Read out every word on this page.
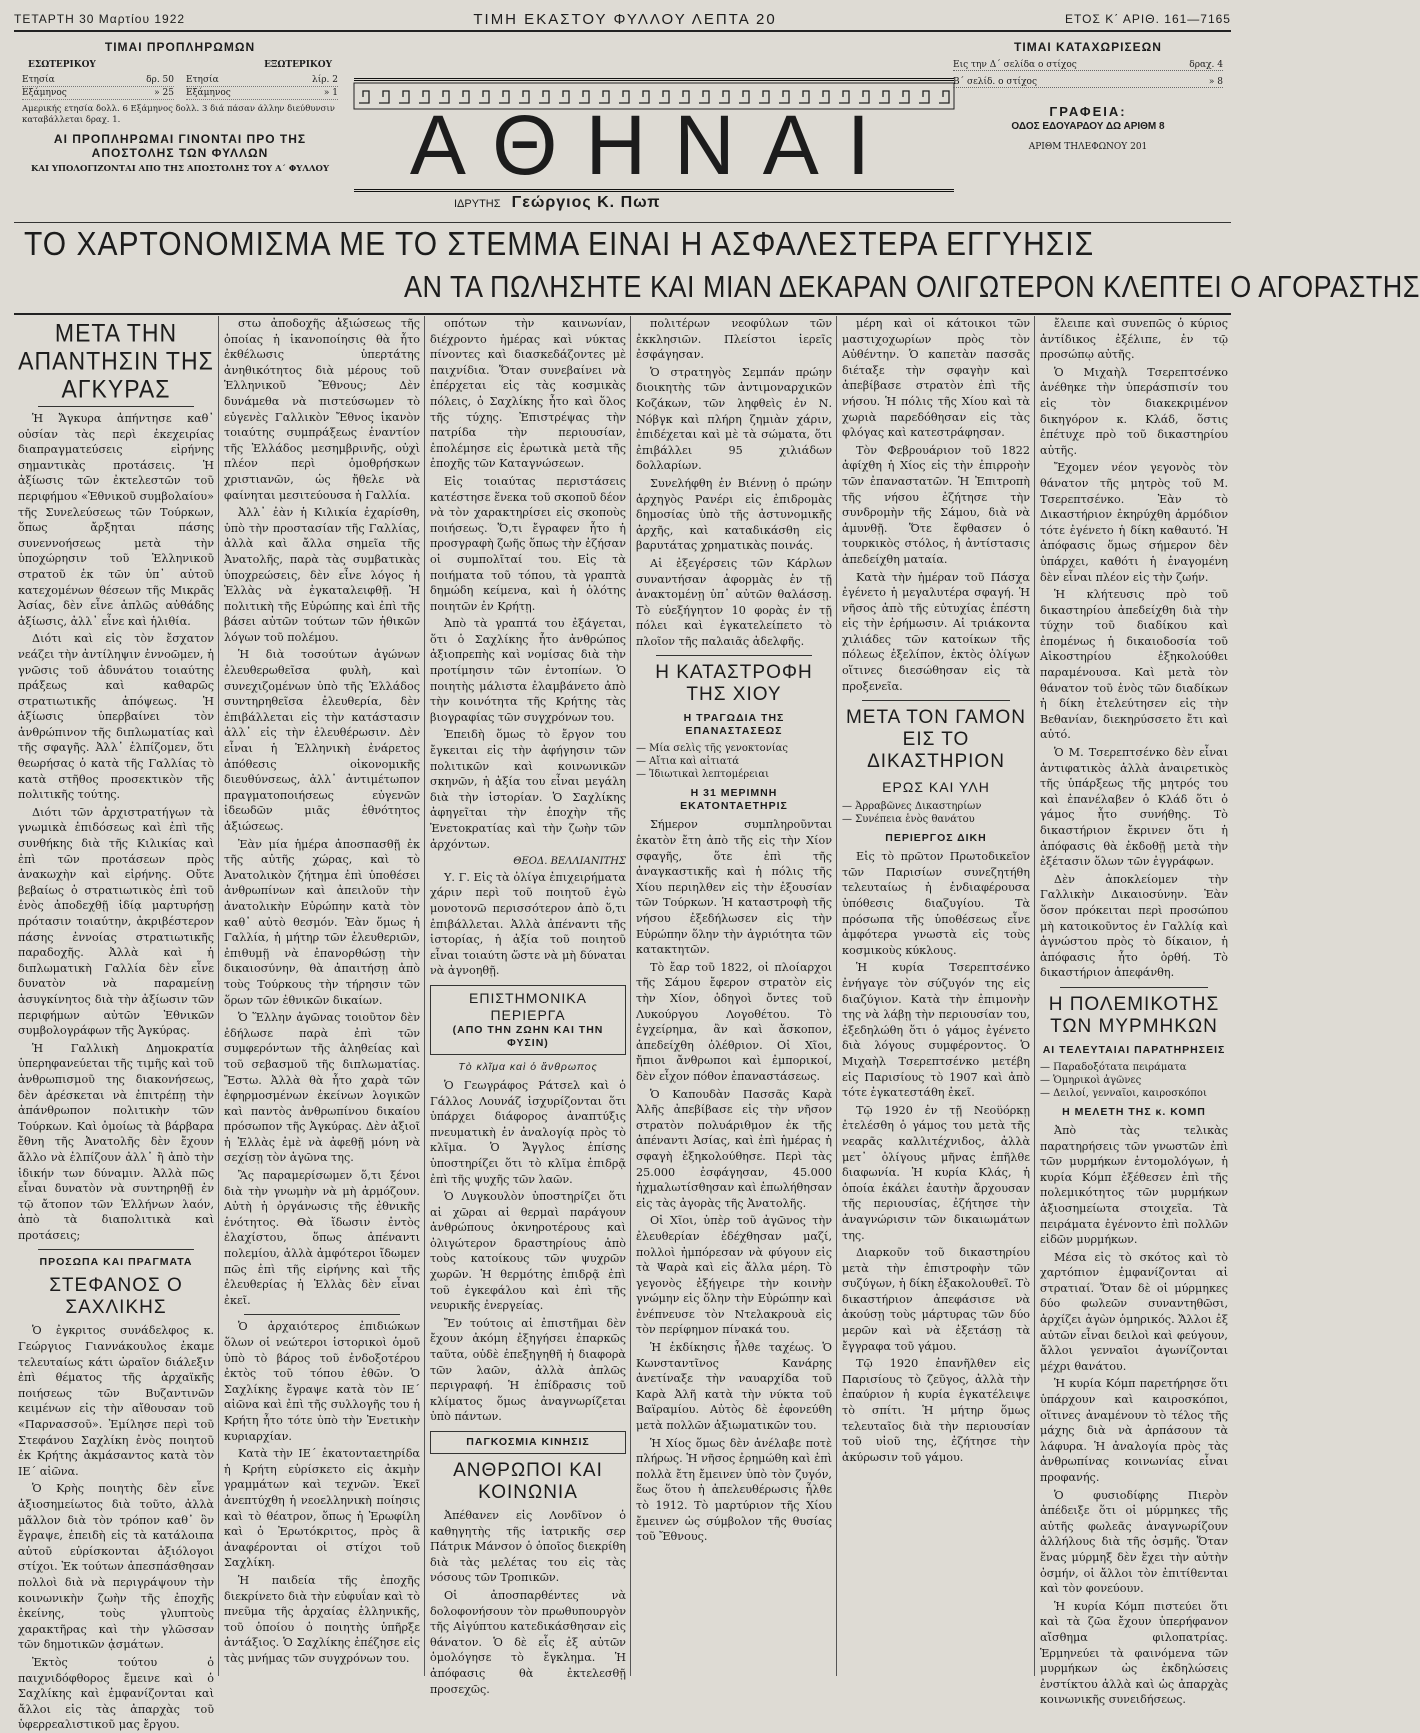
ΤΕΤΑΡΤΗ 30 Μαρτίου 1922	ΤΙΜΗ ΕΚΑΣΤΟΥ ΦΥΛΛΟΥ ΛΕΠΤΑ 20	ΕΤΟΣ Κ΄ ΑΡΙΘ. 161—7165
ΤΙΜΑΙ ΠΡΟΠΛΗΡΩΜΩΝ
ΕΣΩΤΕΡΙΚΟΥ	ΕΞΩΤΕΡΙΚΟΥ
Ετησία	δρ. 50
Εξάμηνος	» 25
Ετησία	λίρ. 2
Εξάμηνος	» 1
Αμερικής ετησία δολλ. 6 Εξάμηνος δολλ. 3 διά πάσαν άλλην διεύθυνσιν καταβάλλεται δραχ. 1.
ΑΙ ΠΡΟΠΛΗΡΩΜΑΙ ΓΙΝΟΝΤΑΙ ΠΡΟ ΤΗΣ ΑΠΟΣΤΟΛΗΣ ΤΩΝ ΦΥΛΛΩΝ
ΚΑΙ ΥΠΟΛΟΓΙΖΟΝΤΑΙ ΑΠΟ ΤΗΣ ΑΠΟΣΤΟΛΗΣ ΤΟΥ Α΄ ΦΥΛΛΟΥ ΑΘΗΝΑΙ
ΙΔΡΥΤΗΣ Γεώργιος Κ. Πωπ
ΤΙΜΑΙ ΚΑΤΑΧΩΡΙΣΕΩΝ
Εις την Δ΄ σελίδα ο στίχος	δραχ. 4
Β΄ σελίδ. ο στίχος	» 8
ΓΡΑΦΕΙΑ:
ΟΔΟΣ ΕΔΟΥΑΡΔΟΥ ΔΩ ΑΡΙΘΜ 8
ΑΡΙΘΜ ΤΗΛΕΦΩΝΟΥ 201
ΤΟ ΧΑΡΤΟΝΟΜΙΣΜΑ ΜΕ ΤΟ ΣΤΕΜΜΑ ΕΙΝΑΙ Η ΑΣΦΑΛΕΣΤΕΡΑ ΕΓΓΥΗΣΙΣ
ΑΝ ΤΑ ΠΩΛΗΣΗΤΕ ΚΑΙ ΜΙΑΝ ΔΕΚΑΡΑΝ ΟΛΙΓΩΤΕΡΟΝ ΚΛΕΠΤΕΙ Ο ΑΓΟΡΑΣΤΗΣ
ΜΕΤΑ ΤΗΝ ΑΠΑΝΤΗΣΙΝ ΤΗΣ ΑΓΚΥΡΑΣ

Ἡ Ἄγκυρα ἀπήντησε καθ᾽ οὐσίαν τὰς περὶ ἐκεχειρίας διαπραγματεύσεις εἰρήνης σημαντικὰς προτάσεις. Ἡ ἀξίωσις τῶν ἐκτελεστῶν τοῦ περιφήμου «Ἐθνικοῦ συμβολαίου» τῆς Συνελεύσεως τῶν Τούρκων, ὅπως ἄρξηται πάσης συνεννοήσεως μετὰ τὴν ὑποχώρησιν τοῦ Ἑλληνικοῦ στρατοῦ ἐκ τῶν ὑπ᾽ αὐτοῦ κατεχομένων θέσεων τῆς Μικρᾶς Ἀσίας, δὲν εἶνε ἁπλῶς αὐθάδης ἀξίωσις, ἀλλ᾽ εἶνε καὶ ἠλιθία.

Διότι καὶ εἰς τὸν ἔσχατον νεάζει τὴν ἀντίληψιν ἐννοῶμεν, ἡ γνῶσις τοῦ ἀδυνάτου τοιαύτης πράξεως καὶ καθαρῶς στρατιωτικῆς ἀπόψεως. Ἡ ἀξίωσις ὑπερβαίνει τὸν ἀνθρώπινον τῆς διπλωματίας καὶ τῆς σφαγῆς. Ἀλλ᾽ ἐλπίζομεν, ὅτι θεωρήσας ὁ κατὰ τῆς Γαλλίας τὸ κατὰ στῆθος προσεκτικὸν τῆς πολιτικῆς τούτης.

Διότι τῶν ἀρχιστρατήγων τὰ γνωμικὰ ἐπιδόσεως καὶ ἐπὶ τῆς συνθήκης διὰ τῆς Κιλικίας καὶ ἐπὶ τῶν προτάσεων πρὸς ἀνακωχὴν καὶ εἰρήνης. Οὔτε βεβαίως ὁ στρατιωτικὸς ἐπὶ τοῦ ἑνὸς ἀποδεχθῇ ἰδίᾳ μαρτυρήσῃ πρότασιν τοιαύτην, ἀκριβέστερον πάσης ἐννοίας στρατιωτικῆς παραδοχῆς. Ἀλλὰ καὶ ἡ διπλωματικὴ Γαλλία δὲν εἶνε δυνατὸν νὰ παραμείνῃ ἀσυγκίνητος διὰ τὴν ἀξίωσιν τῶν περιφήμων αὐτῶν Ἐθνικῶν συμβολογράφων τῆς Ἀγκύρας.

Ἡ Γαλλικὴ Δημοκρατία ὑπερηφανεύεται τῆς τιμῆς καὶ τοῦ ἀνθρωπισμοῦ της διακονήσεως, δὲν ἀρέσκεται νὰ ἐπιτρέπῃ τὴν ἀπάνθρωπον πολιτικὴν τῶν Τούρκων. Καὶ ὁμοίως τὰ βάρβαρα ἔθνη τῆς Ἀνατολῆς δὲν ἔχουν ἄλλο νὰ ἐλπίζουν ἀλλ᾽ ἢ ἀπὸ τὴν ἰδικήν των δύναμιν. Ἀλλὰ πῶς εἶναι δυνατὸν νὰ συντηρηθῇ ἐν τῷ ἄτοπον τῶν Ἑλλήνων λαόν, ἀπὸ τὰ διαπολιτικὰ καὶ προτάσεις;

ΠΡΟΣΩΠΑ ΚΑΙ ΠΡΑΓΜΑΤΑ
ΣΤΕΦΑΝΟΣ Ο ΣΑΧΛΙΚΗΣ

Ὁ ἐγκριτος συνάδελφος κ. Γεώργιος Γιαννάκουλος ἐκαμε τελευταίως κάτι ὡραῖον διάλεξιν ἐπὶ θέματος τῆς ἀρχαϊκῆς ποιήσεως τῶν Βυζαντινῶν κειμένων εἰς τὴν αἴθουσαν τοῦ «Παρνασσοῦ». Ἐμίλησε περὶ τοῦ Στεφάνου Σαχλίκη ἐνὸς ποιητοῦ ἐκ Κρήτης ἀκμάσαντος κατὰ τὸν ΙΕ΄ αἰῶνα.

Ὁ Κρὴς ποιητὴς δὲν εἶνε ἀξιοσημείωτος διὰ τοῦτο, ἀλλὰ μᾶλλον διὰ τὸν τρόπον καθ᾽ ὃν ἔγραψε, ἐπειδὴ εἰς τὰ κατάλοιπα αὐτοῦ εὑρίσκονται ἀξιόλογοι στίχοι. Ἐκ τούτων ἀπεσπάσθησαν πολλοὶ διὰ νὰ περιγράψουν τὴν κοινωνικὴν ζωὴν τῆς ἐποχῆς ἐκείνης, τοὺς γλυπτοὺς χαρακτῆρας καὶ τὴν γλῶσσαν τῶν δημοτικῶν ᾀσμάτων.

Ἐκτὸς τούτου ὁ παιχνιδόφθορος ἔμεινε καὶ ὁ Σαχλίκης καὶ ἐμφανίζονται καὶ ἄλλοι εἰς τὰς ἀπαρχὰς τοῦ ὑφερρεαλιστικοῦ μας ἔργου.

στω ἀποδοχῆς ἀξιώσεως τῆς ὁποίας ἡ ἱκανοποίησις θὰ ἦτο ἐκθέλωσις ὑπερτάτης ἀνηθικότητος διὰ μέρους τοῦ Ἑλληνικοῦ Ἔθνους; Δὲν δυνάμεθα νὰ πιστεύσωμεν τὸ εὐγενὲς Γαλλικὸν Ἔθνος ἱκανὸν τοιαύτης συμπράξεως ἐναντίον τῆς Ἑλλάδος μεσημβρινῆς, οὐχὶ πλέον περὶ ὁμοθρήσκων χριστιανῶν, ὡς ἤθελε νὰ φαίνηται μεσιτεύουσα ἡ Γαλλία.

Ἀλλ᾽ ἐὰν ἡ Κιλικία ἐχαρίσθη, ὑπὸ τὴν προστασίαν τῆς Γαλλίας, ἀλλὰ καὶ ἄλλα σημεῖα τῆς Ἀνατολῆς, παρὰ τὰς συμβατικὰς ὑποχρεώσεις, δὲν εἶνε λόγος ἡ Ἑλλὰς νὰ ἐγκαταλειφθῇ. Ἡ πολιτικὴ τῆς Εὐρώπης καὶ ἐπὶ τῆς βάσει αὐτῶν τούτων τῶν ἠθικῶν λόγων τοῦ πολέμου.

Ἡ διὰ τοσούτων ἀγώνων ἐλευθερωθεῖσα φυλὴ, καὶ συνεχιζομένων ὑπὸ τῆς Ἑλλάδος συντηρηθεῖσα ἐλευθερία, δὲν ἐπιβάλλεται εἰς τὴν κατάστασιν ἀλλ᾽ εἰς τὴν ἐλευθέρωσιν. Δὲν εἶναι ἡ Ἑλληνικὴ ἐνάρετος ἀπόθεσις οἰκονομικῆς διευθύνσεως, ἀλλ᾽ ἀντιμέτωπον πραγματοποιήσεως εὐγενῶν ἰδεωδῶν μιᾶς ἐθνότητος ἀξιώσεως.

Ἐὰν μία ἡμέρα ἀποσπασθῇ ἐκ τῆς αὐτῆς χώρας, καὶ τὸ Ἀνατολικὸν ζήτημα ἐπὶ ὑποθέσει ἀνθρωπίνων καὶ ἀπειλοῦν τὴν ἀνατολικὴν Εὐρώπην κατὰ τὸν καθ᾽ αὐτὸ θεσμόν. Ἐὰν ὅμως ἡ Γαλλία, ἡ μήτηρ τῶν ἐλευθεριῶν, ἐπιθυμῇ νὰ ἐπανορθώσῃ τὴν δικαιοσύνην, θὰ ἀπαιτήσῃ ἀπὸ τοὺς Τούρκους τὴν τήρησιν τῶν ὅρων τῶν ἐθνικῶν δικαίων.

Ὁ Ἕλλην ἀγῶνας τοιοῦτον δὲν ἐδήλωσε παρὰ ἐπὶ τῶν συμφερόντων τῆς ἀληθείας καὶ τοῦ σεβασμοῦ τῆς διπλωματίας. Ἔστω. Ἀλλὰ θὰ ἦτο χαρὰ τῶν ἐφηρμοσμένων ἐκείνων λογικῶν καὶ παντὸς ἀνθρωπίνου δικαίου πρόσωπον τῆς Ἀγκύρας. Δὲν ἀξιοῖ ἡ Ἑλλὰς ἐμὲ νὰ ἀφεθῇ μόνη νὰ σεχίσῃ τὸν ἀγῶνα της.

Ἂς παραμερίσωμεν ὅ,τι ξένοι διὰ τὴν γνωμὴν νὰ μὴ ἀρμόζουν. Αὐτὴ ἡ ὀργάνωσις τῆς ἐθνικῆς ἑνότητος. Θὰ ἴδωσιν ἐντὸς ἐλαχίστου, ὅπως ἀπέναντι πολεμίου, ἀλλὰ ἀμφότεροι ἴδωμεν πῶς ἐπὶ τῆς εἰρήνης καὶ τῆς ἐλευθερίας ἡ Ἑλλὰς δὲν εἶναι ἐκεῖ.

Ὁ ἀρχαιότερος ἐπιδιώκων ὅλων οἱ νεώτεροι ἱστορικοὶ ὁμοῦ ὑπὸ τὸ βάρος τοῦ ἐνδοξοτέρου ἐκτὸς τοῦ τόπου ἐθῶν. Ὁ Σαχλίκης ἔγραψε κατὰ τὸν ΙΕ΄ αἰῶνα καὶ ἐπὶ τῆς συλλογῆς του ἡ Κρήτη ἦτο τότε ὑπὸ τὴν Ἑνετικὴν κυριαρχίαν.

Κατὰ τὴν ΙΕ΄ ἑκατονταετηρίδα ἡ Κρήτη εὑρίσκετο εἰς ἀκμὴν γραμμάτων καὶ τεχνῶν. Ἐκεῖ ἀνεπτύχθη ἡ νεοελληνικὴ ποίησις καὶ τὸ θέατρον, ὅπως ἡ Ἐρωφίλη καὶ ὁ Ἐρωτόκριτος, πρὸς ἃ ἀναφέρονται οἱ στίχοι τοῦ Σαχλίκη.

Ἡ παιδεία τῆς ἐποχῆς διεκρίνετο διὰ τὴν εὐφυΐαν καὶ τὸ πνεῦμα τῆς ἀρχαίας ἑλληνικῆς, τοῦ ὁποίου ὁ ποιητὴς ὑπῆρξε ἀντάξιος. Ὁ Σαχλίκης ἐπέζησε εἰς τὰς μνήμας τῶν συγχρόνων του.

οπότων τὴν καινωνίαν, διέχροντο ἡμέρας καὶ νύκτας πίνοντες καὶ διασκεδάζοντες μὲ παιχνίδια. Ὅταν συνεβαίνει νὰ ἐπέρχεται εἰς τὰς κοσμικὰς πόλεις, ὁ Σαχλίκης ἦτο καὶ ὅλος τῆς τύχης. Ἐπιστρέψας τὴν πατρίδα τὴν περιουσίαν, ἐπολέμησε εἰς ἐρωτικὰ μετὰ τῆς ἐποχῆς τῶν Καταγνώσεων.

Εἰς τοιαύτας περιστάσεις κατέστησε ἕνεκα τοῦ σκοποῦ δέον νὰ τὸν χαρακτηρίσει εἰς σκοποὺς ποιήσεως. Ὅ,τι ἔγραφεν ἦτο ἡ προσγραφὴ ζωῆς ὅπως τὴν ἐζήσαν οἱ συμπολῖταί του. Εἰς τὰ ποιήματα τοῦ τόπου, τὰ γραπτὰ δημώδη κείμενα, καὶ ἡ ὁλότης ποιητῶν ἐν Κρήτῃ.

Ἀπὸ τὰ γραπτά του ἐξάγεται, ὅτι ὁ Σαχλίκης ἦτο ἀνθρώπος ἀξιοπρεπὴς καὶ νομίσας διὰ τὴν προτίμησιν τῶν ἐντοπίων. Ὁ ποιητὴς μάλιστα ἐλαμβάνετο ἀπὸ τὴν κοινότητα τῆς Κρήτης τὰς βιογραφίας τῶν συγχρόνων του.

Ἐπειδὴ ὅμως τὸ ἔργον του ἔγκειται εἰς τὴν ἀφήγησιν τῶν πολιτικῶν καὶ κοινωνικῶν σκηνῶν, ἡ ἀξία του εἶναι μεγάλη διὰ τὴν ἱστορίαν. Ὁ Σαχλίκης ἀφηγεῖται τὴν ἐποχὴν τῆς Ἐνετοκρατίας καὶ τὴν ζωὴν τῶν ἀρχόντων.

ΘΕΟΔ. ΒΕΛΛΙΑΝΙΤΗΣ

Υ. Γ. Εἰς τὰ ὀλίγα ἐπιχειρήματα χάριν περὶ τοῦ ποιητοῦ ἐγὼ μονοτονῶ περισσότερον ἀπὸ ὅ,τι ἐπιβάλλεται. Ἀλλὰ ἀπέναντι τῆς ἱστορίας, ἡ ἀξία τοῦ ποιητοῦ εἶναι τοιαύτη ὥστε νὰ μὴ δύναται νὰ ἀγνοηθῇ.

ΕΠΙΣΤΗΜΟΝΙΚΑ ΠΕΡΙΕΡΓΑ
(ΑΠΟ ΤΗΝ ΖΩΗΝ ΚΑΙ ΤΗΝ ΦΥΣΙΝ)
Τὸ κλῖμα καὶ ὁ ἄνθρωπος

Ὁ Γεωγράφος Ράτσελ καὶ ὁ Γάλλος Λουνάζ ἰσχυρίζονται ὅτι ὑπάρχει διάφορος ἀναπτύξις πνευματικὴ ἐν ἀναλογίᾳ πρὸς τὸ κλῖμα. Ὁ Ἄγγλος ἐπίσης ὑποστηρίζει ὅτι τὸ κλῖμα ἐπιδρᾷ ἐπὶ τῆς ψυχῆς τῶν λαῶν.

Ὁ Λυγκουλὸν ὑποστηρίζει ὅτι αἱ χῶραι αἱ θερμαὶ παράγουν ἀνθρώπους ὀκνηροτέρους καὶ ὀλιγώτερον δραστηρίους ἀπὸ τοὺς κατοίκους τῶν ψυχρῶν χωρῶν. Ἡ θερμότης ἐπιδρᾷ ἐπὶ τοῦ ἐγκεφάλου καὶ ἐπὶ τῆς νευρικῆς ἐνεργείας.

Ἔν τούτοις αἱ ἐπιστῆμαι δὲν ἔχουν ἀκόμη ἐξηγήσει ἐπαρκῶς ταῦτα, οὐδὲ ἐπεξηγηθῆ ἡ διαφορὰ τῶν λαῶν, ἀλλὰ ἀπλῶς περιγραφή. Ἡ ἐπίδρασις τοῦ κλίματος ὅμως ἀναγνωρίζεται ὑπὸ πάντων.

ΠΑΓΚΟΣΜΙΑ ΚΙΝΗΣΙΣ
ΑΝΘΡΩΠΟΙ ΚΑΙ ΚΟΙΝΩΝΙΑ

Ἀπέθανεν εἰς Λονδῖνον ὁ καθηγητὴς τῆς ἰατρικῆς σερ Πάτρικ Μάνσον ὁ ὁποῖος διεκρίθη διὰ τὰς μελέτας του εἰς τὰς νόσους τῶν Τροπικῶν.

Οἱ ἀποσπαρθέντες νὰ δολοφονήσουν τὸν πρωθυπουργὸν τῆς Αἰγύπτου κατεδικάσθησαν εἰς θάνατον. Ὁ δὲ εἷς ἐξ αὐτῶν ὁμολόγησε τὸ ἔγκλημα. Ἡ ἀπόφασις θὰ ἐκτελεσθῇ προσεχῶς.

πολιτέρων νεοφύλων τῶν ἐκκλησιῶν. Πλείστοι ἱερεῖς ἐσφάγησαν.

Ὁ στρατηγὸς Σεμπάν πρώην διοικητὴς τῶν ἀντιμοναρχικῶν Κοζάκων, τῶν ληφθεὶς ἐν Ν. Νόβγκ καὶ πλήρη ζημιὰν χάριν, ἐπιδέχεται καὶ μὲ τὰ σώματα, ὅτι ἐπιβάλλει 95 χιλιάδων δολλαρίων.

Συνελήφθη ἐν Βιέννῃ ὁ πρώην ἀρχηγὸς Ρανέρι εἰς ἐπιδρομὰς δημοσίας ὑπὸ τῆς ἀστυνομικῆς ἀρχῆς, καὶ καταδικάσθη εἰς βαρυτάτας χρηματικὰς ποινάς.

Αἱ ἐξεγέρσεις τῶν Κάρλων συναντήσαν ἀφορμὰς ἐν τῇ ἀνακτομένῃ ὑπ᾽ αὐτῶν θαλάσσῃ. Τὸ εὐεξήγητον 10 φορὰς ἐν τῇ πόλει καὶ ἐγκατελείπετο τὸ πλοῖον τῆς παλαιᾶς ἀδελφῆς.

Η ΚΑΤΑΣΤΡΟΦΗ ΤΗΣ ΧΙΟΥ
Η ΤΡΑΓΩΔΙΑ ΤΗΣ ΕΠΑΝΑΣΤΑΣΕΩΣ
— Μία σελὶς τῆς γενοκτονίας
— Αἴτια καὶ αἰτιατά
— Ἰδιωτικαὶ λεπτομέρειαι
Η 31 ΜΕΡΙΜΝΗ ΕΚΑΤΟΝΤΑΕΤΗΡΙΣ

Σήμερον συμπληροῦνται ἑκατὸν ἔτη ἀπὸ τῆς εἰς τὴν Χίον σφαγῆς, ὅτε ἐπὶ τῆς ἀναγκαστικῆς καὶ ἡ πόλις τῆς Χίου περιηλθεν εἰς τὴν ἐξουσίαν τῶν Τούρκων. Ἡ καταστροφὴ τῆς νήσου ἐξεδήλωσεν εἰς τὴν Εὐρώπην ὅλην τὴν ἀγριότητα τῶν κατακτητῶν.

Τὸ ἔαρ τοῦ 1822, οἱ πλοίαρχοι τῆς Σάμου ἔφερον στρατὸν εἰς τὴν Χίον, ὁδηγοὶ ὄντες τοῦ Λυκούργου Λογοθέτου. Τὸ ἐγχείρημα, ἂν καὶ ἄσκοπον, ἀπεδείχθη ὀλέθριον. Οἱ Χῖοι, ἤπιοι ἄνθρωποι καὶ ἐμπορικοί, δὲν εἶχον πόθον ἐπαναστάσεως.

Ὁ Καπουδὰν Πασσᾶς Καρὰ Ἀλῆς ἀπεβίβασε εἰς τὴν νῆσον στρατὸν πολυάριθμον ἐκ τῆς ἀπέναντι Ἀσίας, καὶ ἐπὶ ἡμέρας ἡ σφαγὴ ἐξηκολούθησε. Περὶ τὰς 25.000 ἐσφάγησαν, 45.000 ἠχμαλωτίσθησαν καὶ ἐπωλήθησαν εἰς τὰς ἀγορὰς τῆς Ἀνατολῆς.

Οἱ Χῖοι, ὑπὲρ τοῦ ἀγῶνος τὴν ἐλευθερίαν ἐδέχθησαν μαζί, πολλοὶ ἠμπόρεσαν νὰ φύγουν εἰς τὰ Ψαρὰ καὶ εἰς ἄλλα μέρη. Τὸ γεγονὸς ἐξήγειρε τὴν κοινὴν γνώμην εἰς ὅλην τὴν Εὐρώπην καὶ ἐνέπνευσε τὸν Ντελακρουὰ εἰς τὸν περίφημον πίνακά του.

Ἡ ἐκδίκησις ἦλθε ταχέως. Ὁ Κωνσταντῖνος Κανάρης ἀνετίναξε τὴν ναυαρχίδα τοῦ Καρὰ Ἀλῆ κατὰ τὴν νύκτα τοῦ Βαϊραμίου. Αὐτὸς δὲ ἐφονεύθη μετὰ πολλῶν ἀξιωματικῶν του.

Ἡ Χίος ὅμως δὲν ἀνέλαβε ποτὲ πλήρως. Ἡ νῆσος ἐρημώθη καὶ ἐπὶ πολλὰ ἔτη ἔμεινεν ὑπὸ τὸν ζυγόν, ἕως ὅτου ἡ ἀπελευθέρωσις ἦλθε τὸ 1912. Τὸ μαρτύριον τῆς Χίου ἔμεινεν ὡς σύμβολον τῆς θυσίας τοῦ Ἔθνους.

μέρη καὶ οἱ κάτοικοι τῶν μαστιχοχωρίων πρὸς τὸν Αὐθέντην. Ὁ καπετὰν πασσᾶς διέταξε τὴν σφαγὴν καὶ ἀπεβίβασε στρατὸν ἐπὶ τῆς νήσου. Ἡ πόλις τῆς Χίου καὶ τὰ χωριὰ παρεδόθησαν εἰς τὰς φλόγας καὶ κατεστράφησαν.

Τὸν Φεβρουάριον τοῦ 1822 ἀφίχθη ἡ Χίος εἰς τὴν ἐπιρροὴν τῶν ἐπαναστατῶν. Ἡ Ἐπιτροπὴ τῆς νήσου ἐζήτησε τὴν συνδρομὴν τῆς Σάμου, διὰ νὰ ἀμυνθῇ. Ὅτε ἔφθασεν ὁ τουρκικὸς στόλος, ἡ ἀντίστασις ἀπεδείχθη ματαία.

Κατὰ τὴν ἡμέραν τοῦ Πάσχα ἐγένετο ἡ μεγαλυτέρα σφαγή. Ἡ νῆσος ἀπὸ τῆς εὐτυχίας ἐπέστη εἰς τὴν ἐρήμωσιν. Αἱ τριάκοντα χιλιάδες τῶν κατοίκων τῆς πόλεως ἐξελίπον, ἐκτὸς ὀλίγων οἵτινες διεσώθησαν εἰς τὰ προξενεῖα.

ΜΕΤΑ ΤΟΝ ΓΑΜΟΝ ΕΙΣ ΤΟ ΔΙΚΑΣΤΗΡΙΟΝ
ΕΡΩΣ ΚΑΙ ΥΛΗ
— Ἀρραβῶνες Δικαστηρίων
— Συνέπεια ἑνὸς θανάτου
ΠΕΡΙΕΡΓΟΣ ΔΙΚΗ

Εἰς τὸ πρῶτον Πρωτοδικεῖον τῶν Παρισίων συνεζητήθη τελευταίως ἡ ἐνδιαφέρουσα ὑπόθεσις διαζυγίου. Τὰ πρόσωπα τῆς ὑποθέσεως εἶνε ἀμφότερα γνωστὰ εἰς τοὺς κοσμικοὺς κύκλους.

Ἡ κυρία Τσερεπτσένκο ἐνήγαγε τὸν σύζυγόν της εἰς διαζύγιον. Κατὰ τὴν ἐπιμονὴν της νὰ λάβῃ τὴν περιουσίαν του, ἐξεδηλώθη ὅτι ὁ γάμος ἐγένετο διὰ λόγους συμφέροντος. Ὁ Μιχαὴλ Τσερεπτσένκο μετέβη εἰς Παρισίους τὸ 1907 καὶ ἀπὸ τότε ἐγκατεστάθη ἐκεῖ.

Τῷ 1920 ἐν τῇ Νεοϋόρκῃ ἐτελέσθη ὁ γάμος του μετὰ τῆς νεαρᾶς καλλιτέχνιδος, ἀλλὰ μετ᾽ ὀλίγους μῆνας ἐπῆλθε διαφωνία. Ἡ κυρία Κλάς, ἡ ὁποία ἐκάλει ἑαυτὴν ἄρχουσαν τῆς περιουσίας, ἐζήτησε τὴν ἀναγνώρισιν τῶν δικαιωμάτων της.

Διαρκοῦν τοῦ δικαστηρίου μετὰ τὴν ἐπιστροφὴν τῶν συζύγων, ἡ δίκη ἐξακολουθεῖ. Τὸ δικαστήριον ἀπεφάσισε νὰ ἀκούσῃ τοὺς μάρτυρας τῶν δύο μερῶν καὶ νὰ ἐξετάσῃ τὰ ἔγγραφα τοῦ γάμου.

Τῷ 1920 ἐπανῆλθεν εἰς Παρισίους τὸ ζεῦγος, ἀλλὰ τὴν ἐπαύριον ἡ κυρία ἐγκατέλειψε τὸ σπίτι. Ἡ μήτηρ ὅμως τελευταῖος διὰ τὴν περιουσίαν τοῦ υἱοῦ της, ἐζήτησε τὴν ἀκύρωσιν τοῦ γάμου.

ἔλειπε καὶ συνεπῶς ὁ κύριος ἀντίδικος ἐξέλιπε, ἐν τῷ προσώπῳ αὐτῆς.

Ὁ Μιχαὴλ Τσερεπτσένκο ἀνέθηκε τὴν ὑπεράσπισίν του εἰς τὸν διακεκριμένον δικηγόρον κ. Κλάδ, ὅστις ἐπέτυχε πρὸ τοῦ δικαστηρίου αὐτῆς.

Ἔχομεν νέον γεγονὸς τὸν θάνατον τῆς μητρὸς τοῦ Μ. Τσερεπτσένκο. Ἐὰν τὸ Δικαστήριον ἐκηρύχθη ἁρμόδιον τότε ἐγένετο ἡ δίκη καθαυτό. Ἡ ἀπόφασις ὅμως σήμερον δὲν ὑπάρχει, καθότι ἡ ἐναγομένη δὲν εἶναι πλέον εἰς τὴν ζωήν.

Ἡ κλήτευσις πρὸ τοῦ δικαστηρίου ἀπεδείχθη διὰ τὴν τύχην τοῦ διαδίκου καὶ ἐπομένως ἡ δικαιοδοσία τοῦ Αἰκοστηρίου ἐξηκολούθει παραμένουσα. Καὶ μετὰ τὸν θάνατον τοῦ ἑνὸς τῶν διαδίκων ἡ δίκη ἐτελεύτησεν εἰς τὴν Βεθανίαν, διεκηρύσσετο ἔτι καὶ αὐτό.

Ὁ Μ. Τσερεπτσένκο δὲν εἶναι ἀντιφατικὸς ἀλλὰ ἀναιρετικὸς τῆς ὑπάρξεως τῆς μητρός του καὶ ἐπανέλαβεν ὁ Κλάδ ὅτι ὁ γάμος ἦτο συνήθης. Τὸ δικαστήριον ἔκρινεν ὅτι ἡ ἀπόφασις θὰ ἐκδοθῇ μετὰ τὴν ἐξέτασιν ὅλων τῶν ἐγγράφων.

Δὲν ἀποκλείομεν τὴν Γαλλικὴν Δικαιοσύνην. Ἐὰν ὅσον πρόκειται περὶ προσώπου μὴ κατοικοῦντος ἐν Γαλλίᾳ καὶ ἀγνώστου πρὸς τὸ δίκαιον, ἡ ἀπόφασις ἦτο ὀρθή. Τὸ δικαστήριον ἀπεφάνθη.

Η ΠΟΛΕΜΙΚΟΤΗΣ ΤΩΝ ΜΥΡΜΗΚΩΝ
ΑΙ ΤΕΛΕΥΤΑΙΑΙ ΠΑΡΑΤΗΡΗΣΕΙΣ
— Παραδοξότατα πειράματα
— Ὁμηρικοὶ ἀγῶνες
— Δειλοί, γενναῖοι, καιροσκόποι
Η ΜΕΛΕΤΗ ΤΗΣ κ. ΚΟΜΠ

Ἀπὸ τὰς τελικὰς παρατηρήσεις τῶν γνωστῶν ἐπὶ τῶν μυρμήκων ἐντομολόγων, ἡ κυρία Κόμπ ἐξέθεσεν ἐπὶ τῆς πολεμικότητος τῶν μυρμήκων ἀξιοσημείωτα στοιχεῖα. Τὰ πειράματα ἐγένοντο ἐπὶ πολλῶν εἰδῶν μυρμήκων.

Μέσα εἰς τὸ σκότος καὶ τὸ χαρτόπιον ἐμφανίζονται αἱ στρατιαί. Ὅταν δὲ οἱ μύρμηκες δύο φωλεῶν συναντηθῶσι, ἀρχίζει ἀγὼν ὁμηρικός. Ἄλλοι ἐξ αὐτῶν εἶναι δειλοὶ καὶ φεύγουν, ἄλλοι γενναῖοι ἀγωνίζονται μέχρι θανάτου.

Ἡ κυρία Κόμπ παρετήρησε ὅτι ὑπάρχουν καὶ καιροσκόποι, οἵτινες ἀναμένουν τὸ τέλος τῆς μάχης διὰ νὰ ἀρπάσουν τὰ λάφυρα. Ἡ ἀναλογία πρὸς τὰς ἀνθρωπίνας κοινωνίας εἶναι προφανής.

Ὁ φυσιοδίφης Πιερὸν ἀπέδειξε ὅτι οἱ μύρμηκες τῆς αὐτῆς φωλεᾶς ἀναγνωρίζουν ἀλλήλους διὰ τῆς ὀσμῆς. Ὅταν ἕνας μύρμηξ δὲν ἔχει τὴν αὐτὴν ὀσμήν, οἱ ἄλλοι τὸν ἐπιτίθενται καὶ τὸν φονεύουν.

Ἡ κυρία Κόμπ πιστεύει ὅτι καὶ τὰ ζῶα ἔχουν ὑπερήφανον αἴσθημα φιλοπατρίας. Ἑρμηνεύει τὰ φαινόμενα τῶν μυρμήκων ὡς ἐκδηλώσεις ἐνστίκτου ἀλλὰ καὶ ὡς ἀπαρχὰς κοινωνικῆς συνειδήσεως.
